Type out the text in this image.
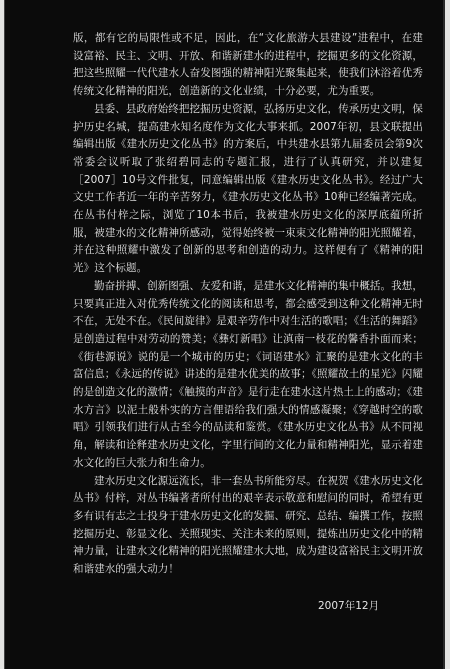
版，都有它的局限性或不足，因此，在“文化旅游大县建设”进程中，在建设富裕、民主、文明、开放、和谐新建水的进程中，挖掘更多的文化资源，把这些照耀一代代建水人奋发图强的精神阳光聚集起来，使我们沐浴着优秀传统文化精神的阳光，创造新的文化业绩，十分必要，尤为重要。

县委、县政府始终把挖掘历史资源，弘扬历史文化，传承历史文明，保护历史名城，提高建水知名度作为文化大事来抓。2007年初，县文联提出编辑出版《建水历史文化丛书》的方案后，中共建水县第九届委员会第9次常委会议听取了张绍碧同志的专题汇报，进行了认真研究，并以建复［2007］10号文件批复，同意编辑出版《建水历史文化丛书》。经过广大文史工作者近一年的辛苦努力，《建水历史文化丛书》10种已经编著完成。在丛书付梓之际，浏览了10本书后，我被建水历史文化的深厚底蕴所折服，被建水的文化精神所感动，觉得始终被一束束文化精神的阳光照耀着，并在这种照耀中激发了创新的思考和创造的动力。这样便有了《精神的阳光》这个标题。

勤奋拼搏、创新图强、友爱和谐，是建水文化精神的集中概括。我想，只要真正进入对优秀传统文化的阅读和思考，都会感受到这种文化精神无时不在，无处不在。《民间旋律》是艰辛劳作中对生活的歌唱；《生活的舞蹈》是创造过程中对劳动的赞美；《彝灯新唱》让滇南一枝花的馨香扑面而来；《街巷源说》说的是一个城市的历史；《词语建水》汇聚的是建水文化的丰富信息；《永远的传说》讲述的是建水优美的故事；《照耀故土的星光》闪耀的是创造文化的激情；《触摸的声音》是行走在建水这片热土上的感动；《建水方言》以泥土般朴实的方言俚语给我们强大的情感凝聚；《穿越时空的歌唱》引领我们进行从古至今的品读和鉴赏。《建水历史文化丛书》从不同视角，解读和诠释建水历史文化，字里行间的文化力量和精神阳光，显示着建水文化的巨大张力和生命力。

建水历史文化源远流长，非一套丛书所能穷尽。在祝贺《建水历史文化丛书》付梓，对丛书编著者所付出的艰辛表示敬意和慰问的同时，希望有更多有识有志之士投身于建水历史文化的发掘、研究、总结、编撰工作，按照挖掘历史、彰显文化、关照现实、关注未来的原则，提炼出历史文化中的精神力量，让建水文化精神的阳光照耀建水大地，成为建设富裕民主文明开放和谐建水的强大动力！

2007年12月
